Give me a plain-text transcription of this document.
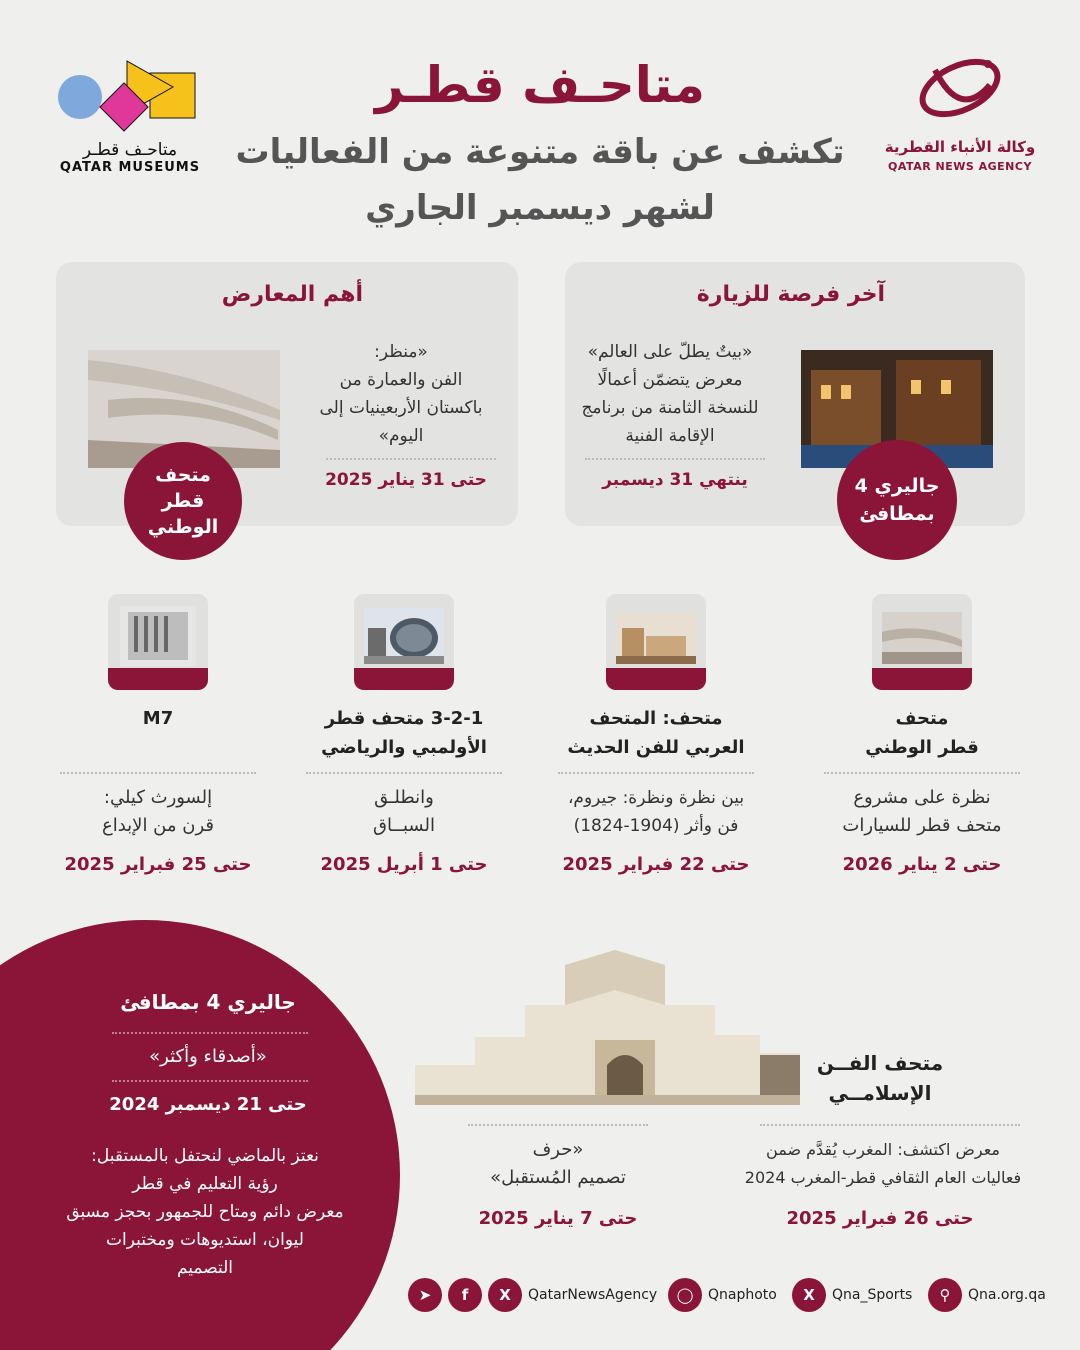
متاحـف قطـر
تكشف عن باقة متنوعة من الفعاليات
لشهر ديسمبر الجاري
وكالة الأنباء القطرية
QATAR NEWS AGENCY
متاحـف قطـر
QATAR MUSEUMS
أهم المعارض
«منظر:
الفن والعمارة من
باكستان الأربعينيات إلى
اليوم»
حتى 31 يناير 2025
متحف
قطر
الوطني
آخر فرصة للزيارة
«بيتٌ يطلّ على العالم»
معرض يتضمّن أعمالًا
للنسخة الثامنة من برنامج
الإقامة الفنية
ينتهي 31 ديسمبر	جاليري 4
بمطافئ
متحف
قطر الوطني
نظرة على مشروع
متحف قطر للسيارات
حتى 2 يناير 2026
متحف: المتحف
العربي للفن الحديث
بين نظرة ونظرة: جيروم،
فن وأثر (1904-1824)
حتى 22 فبراير 2025
3-2-1 متحف قطر
الأولمبي والرياضي
وانطلـق
السبــاق
حتى 1 أبريل 2025
M7
إلسورث كيلي:
قرن من الإبداع
حتى 25 فبراير 2025
جاليري 4 بمطافئ
«أصدقاء وأكثر»
حتى 21 ديسمبر 2024
نعتز بالماضي لنحتفل بالمستقبل:
رؤية التعليم في قطر
معرض دائم ومتاح للجمهور بحجز مسبق
ليوان، استديوهات ومختبرات
التصميم
متحف الفــن
الإسلامــي
معرض اكتشف: المغرب يُقدَّم ضمن
فعاليات العام الثقافي قطر-المغرب 2024
حتى 26 فبراير 2025
«حرف
تصميم المُستقبل»
حتى 7 يناير 2025
➤	f	X	QatarNewsAgency	◯	Qnaphoto	X	Qna_Sports	⚲	Qna.org.qa
